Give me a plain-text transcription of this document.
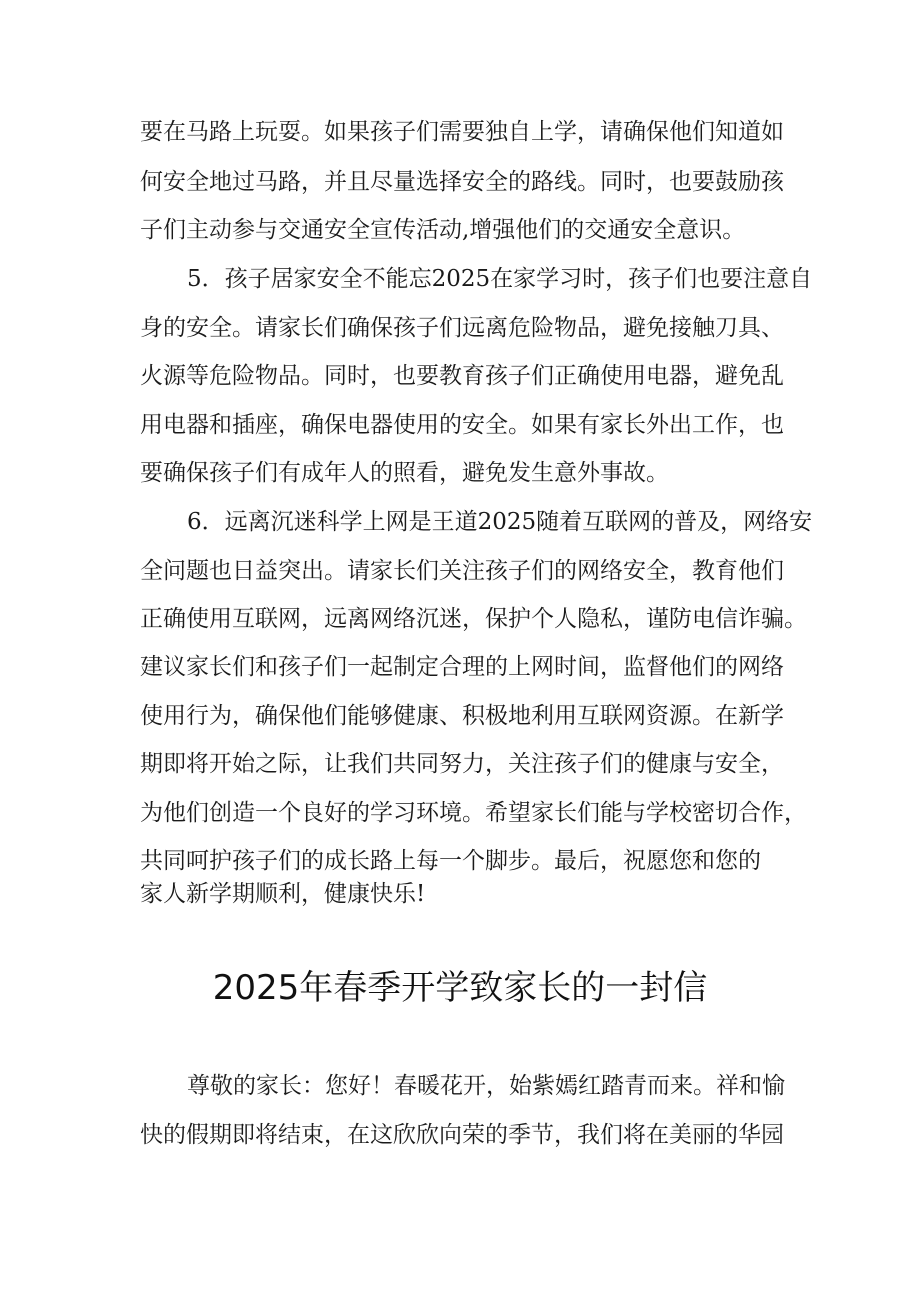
要在马路上玩耍。如果孩子们需要独自上学，请确保他们知道如
何安全地过马路，并且尽量选择安全的路线。同时，也要鼓励孩
子们主动参与交通安全宣传活动,增强他们的交通安全意识。
5．孩子居家安全不能忘2025在家学习时，孩子们也要注意自
身的安全。请家长们确保孩子们远离危险物品，避免接触刀具、
火源等危险物品。同时，也要教育孩子们正确使用电器，避免乱
用电器和插座，确保电器使用的安全。如果有家长外出工作，也
要确保孩子们有成年人的照看，避免发生意外事故。
6．远离沉迷科学上网是王道2025随着互联网的普及，网络安
全问题也日益突出。请家长们关注孩子们的网络安全，教育他们
正确使用互联网，远离网络沉迷，保护个人隐私，谨防电信诈骗。
建议家长们和孩子们一起制定合理的上网时间，监督他们的网络
使用行为，确保他们能够健康、积极地利用互联网资源。在新学
期即将开始之际，让我们共同努力，关注孩子们的健康与安全，
为他们创造一个良好的学习环境。希望家长们能与学校密切合作，
共同呵护孩子们的成长路上每一个脚步。最后，祝愿您和您的
家人新学期顺利，健康快乐!
2025年春季开学致家长的一封信
尊敬的家长：您好！春暖花开，始紫嫣红踏青而来。祥和愉
快的假期即将结束，在这欣欣向荣的季节，我们将在美丽的华园
